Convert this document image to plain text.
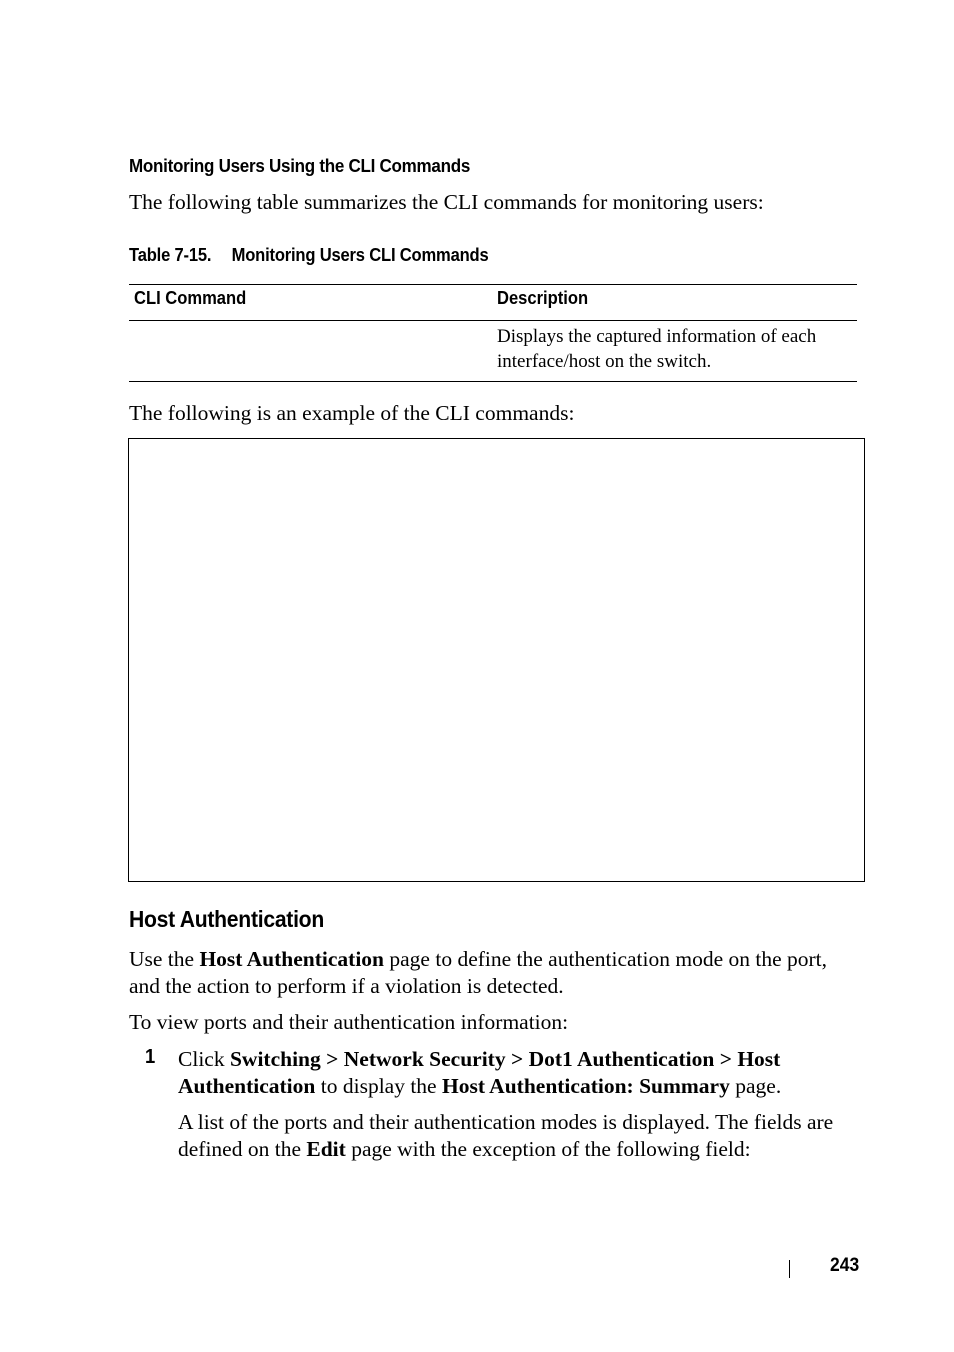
Monitoring Users Using the CLI Commands
The following table summarizes the CLI commands for monitoring users:
Table 7-15. Monitoring Users CLI Commands
CLI Command	Description
Displays the captured information of each interface/host on the switch.
The following is an example of the CLI commands:
Host Authentication
Use the Host Authentication page to define the authentication mode on the port, and the action to perform if a violation is detected.
To view ports and their authentication information:
1 Click Switching > Network Security > Dot1 Authentication > Host Authentication to display the Host Authentication: Summary page.
A list of the ports and their authentication modes is displayed. The fields are defined on the Edit page with the exception of the following field:
243
